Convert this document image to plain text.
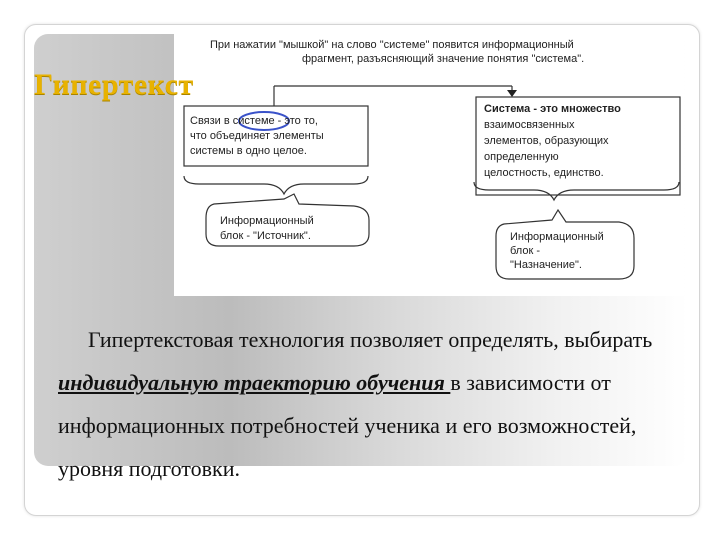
При нажатии "мышкой" на слово "системе" появится информационный

фрагмент, разъясняющий значение понятия "система".

Связи в системе - это то,

что объединяет элементы

системы в одно целое.

Система - это множество

взаимосвязенных

элементов, образующих

определенную

целостность, единство.

Информационный

блок - "Источник".	Информационный

блок -

"Назначение".

Гипертекст

Гипертекстовая технология позволяет определять, выбирать индивидуальную траекторию обучения в зависимости от информационных потребностей ученика и его возможностей, уровня подготовки.
